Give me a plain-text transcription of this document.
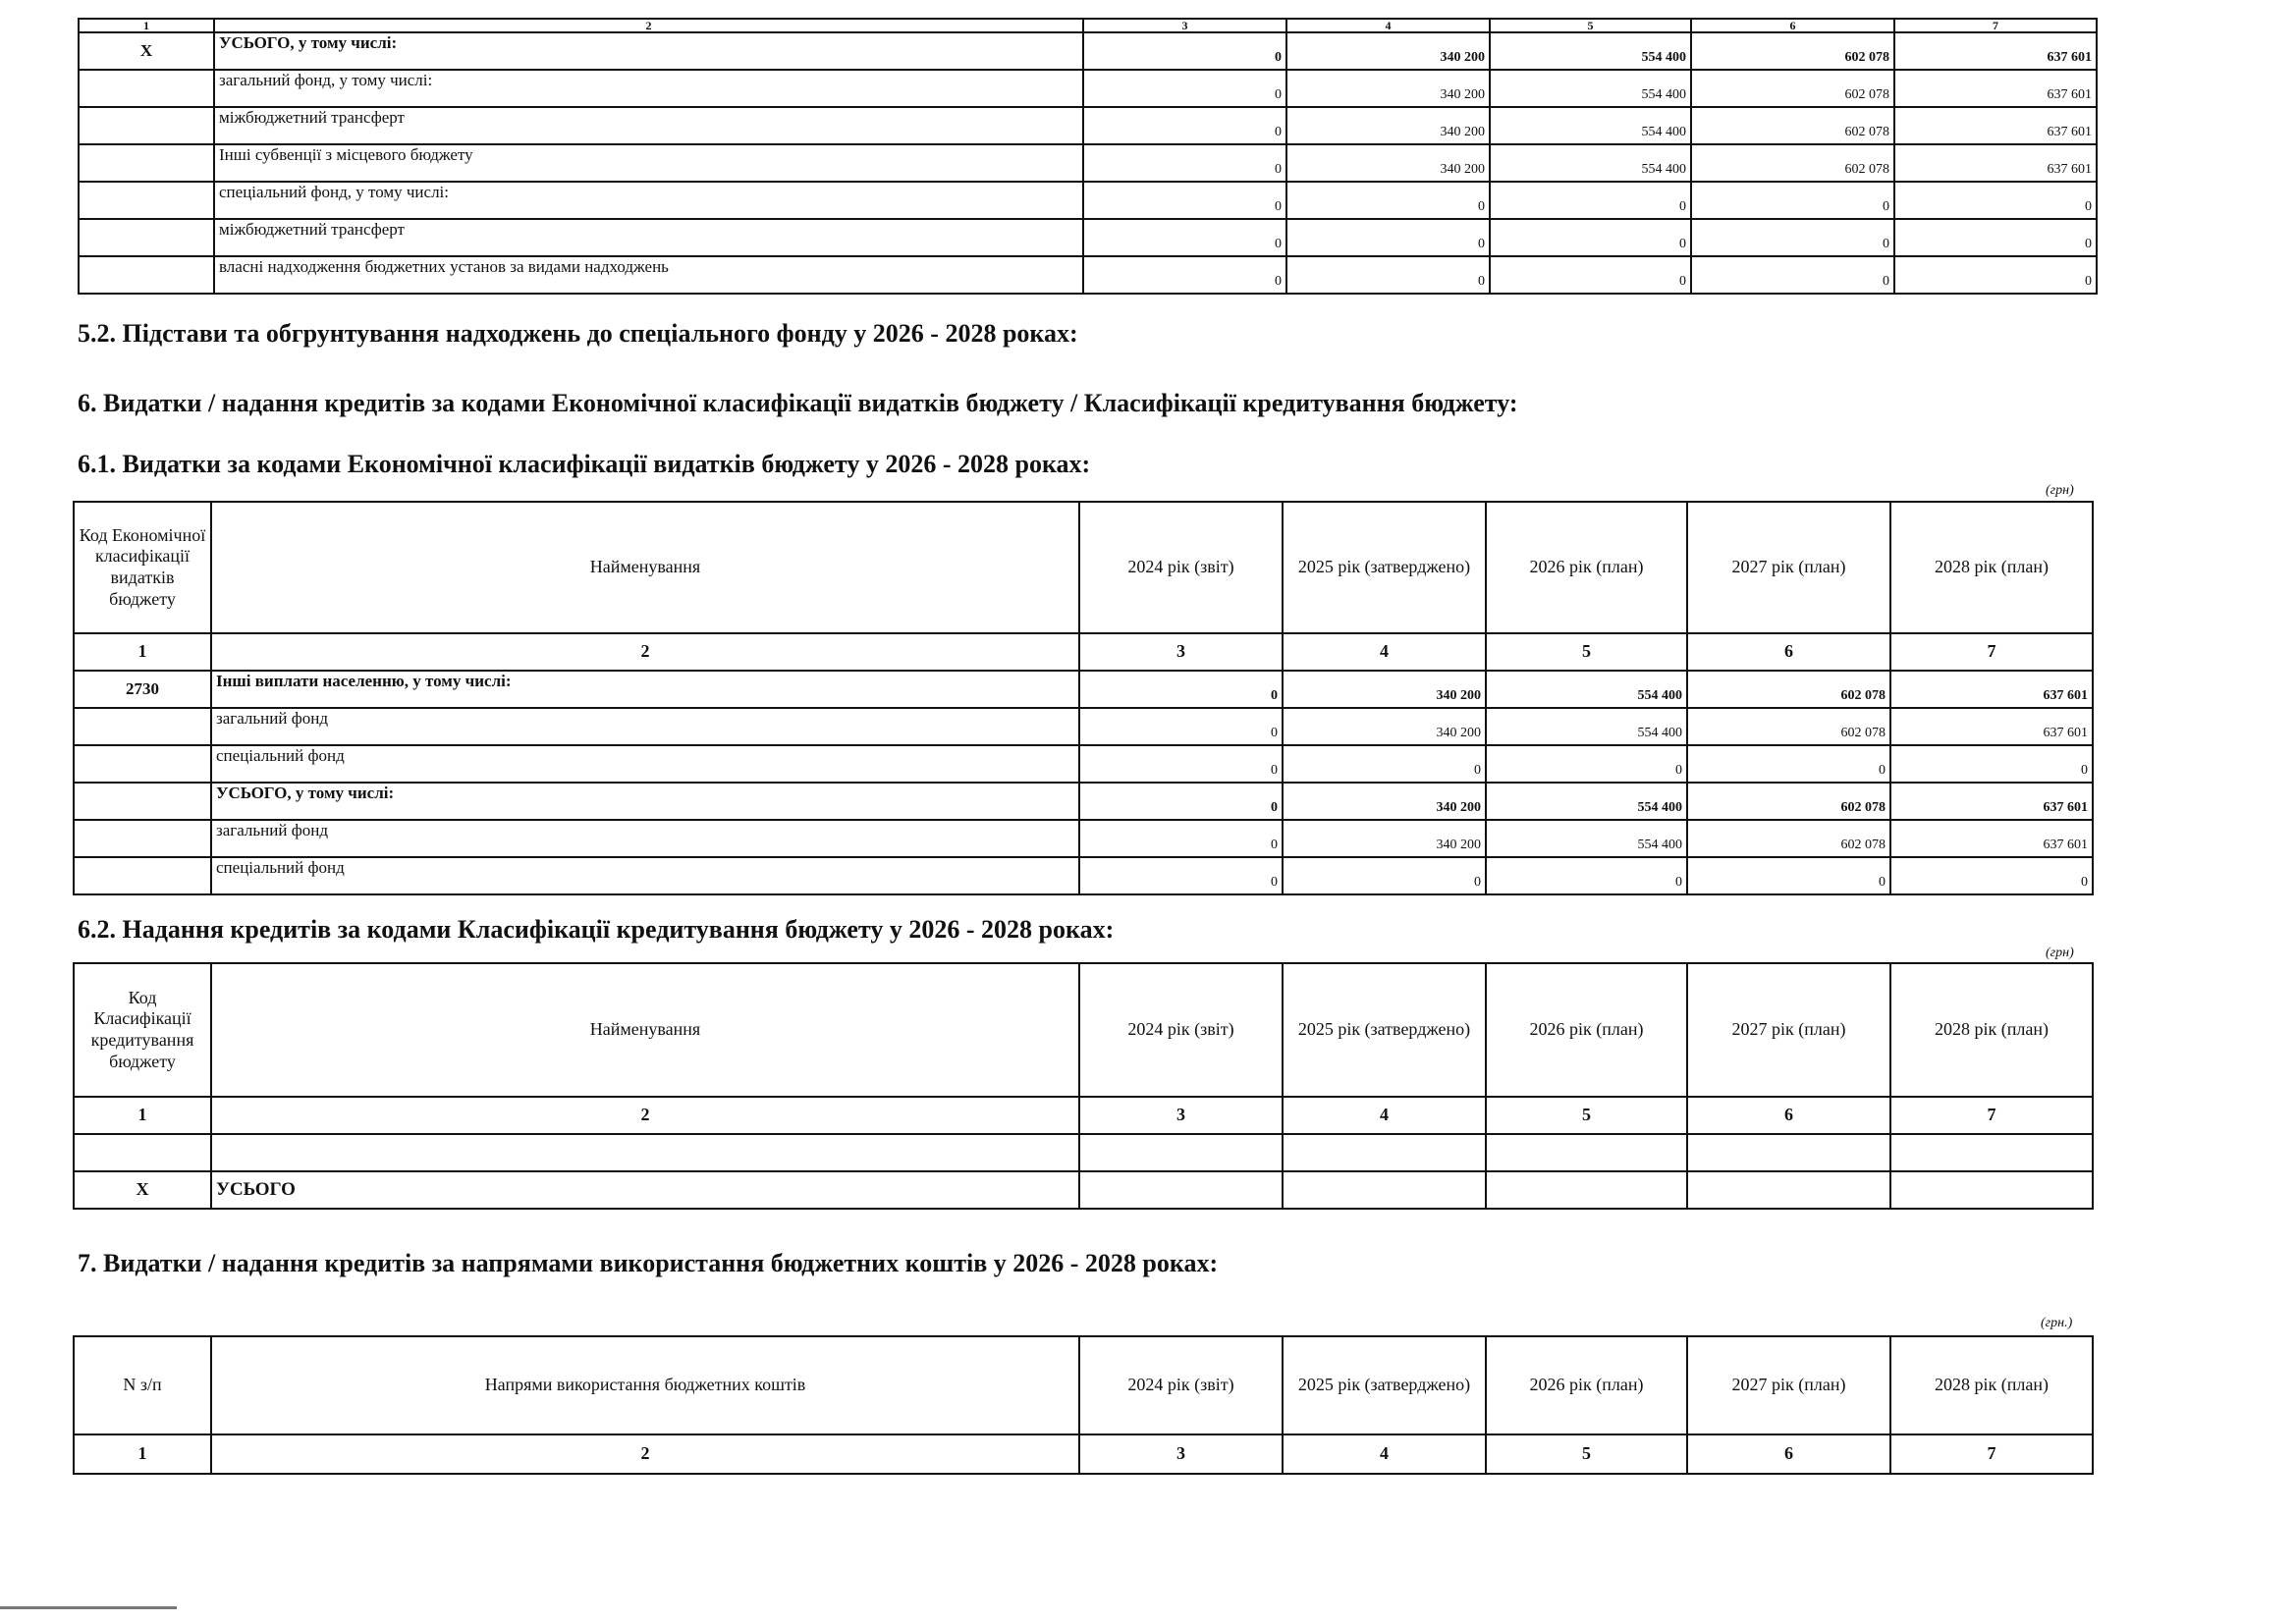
1	2	3	4	5	6	7
X	УСЬОГО, у тому числі:	0	340 200	554 400	602 078	637 601
	загальний фонд, у тому числі:	0	340 200	554 400	602 078	637 601
	міжбюджетний трансферт	0	340 200	554 400	602 078	637 601
	Інші субвенції з місцевого бюджету	0	340 200	554 400	602 078	637 601
	спеціальний фонд, у тому числі:	0	0	0	0	0
	міжбюджетний трансферт	0	0	0	0	0
	власні надходження бюджетних установ за видами надходжень	0	0	0	0	0
5.2. Підстави та обгрунтування надходжень до спеціального фонду у 2026 - 2028 роках:
6. Видатки / надання кредитів за кодами Економічної класифікації видатків бюджету / Класифікації кредитування бюджету:
6.1. Видатки за кодами Економічної класифікації видатків бюджету у 2026 - 2028 роках:
(грн)
Код Економічної класифікації видатків бюджету	Найменування	2024 рік (звіт)	2025 рік (затверджено)	2026 рік (план)	2027 рік (план)	2028 рік (план)
1	2	3	4	5	6	7
2730	Інші виплати населенню, у тому числі:	0	340 200	554 400	602 078	637 601
	загальний фонд	0	340 200	554 400	602 078	637 601
	спеціальний фонд	0	0	0	0	0
	УСЬОГО, у тому числі:	0	340 200	554 400	602 078	637 601
	загальний фонд	0	340 200	554 400	602 078	637 601
	спеціальний фонд	0	0	0	0	0
6.2. Надання кредитів за кодами Класифікації кредитування бюджету у 2026 - 2028 роках:
(грн)
Код Класифікації кредитування бюджету	Найменування	2024 рік (звіт)	2025 рік (затверджено)	2026 рік (план)	2027 рік (план)	2028 рік (план)
1	2	3	4	5	6	7

X	УСЬОГО					
7. Видатки / надання кредитів за напрямами використання бюджетних коштів у 2026 - 2028 роках:
(грн.)
N з/п	Напрями використання бюджетних коштів	2024 рік (звіт)	2025 рік (затверджено)	2026 рік (план)	2027 рік (план)	2028 рік (план)
1	2	3	4	5	6	7
